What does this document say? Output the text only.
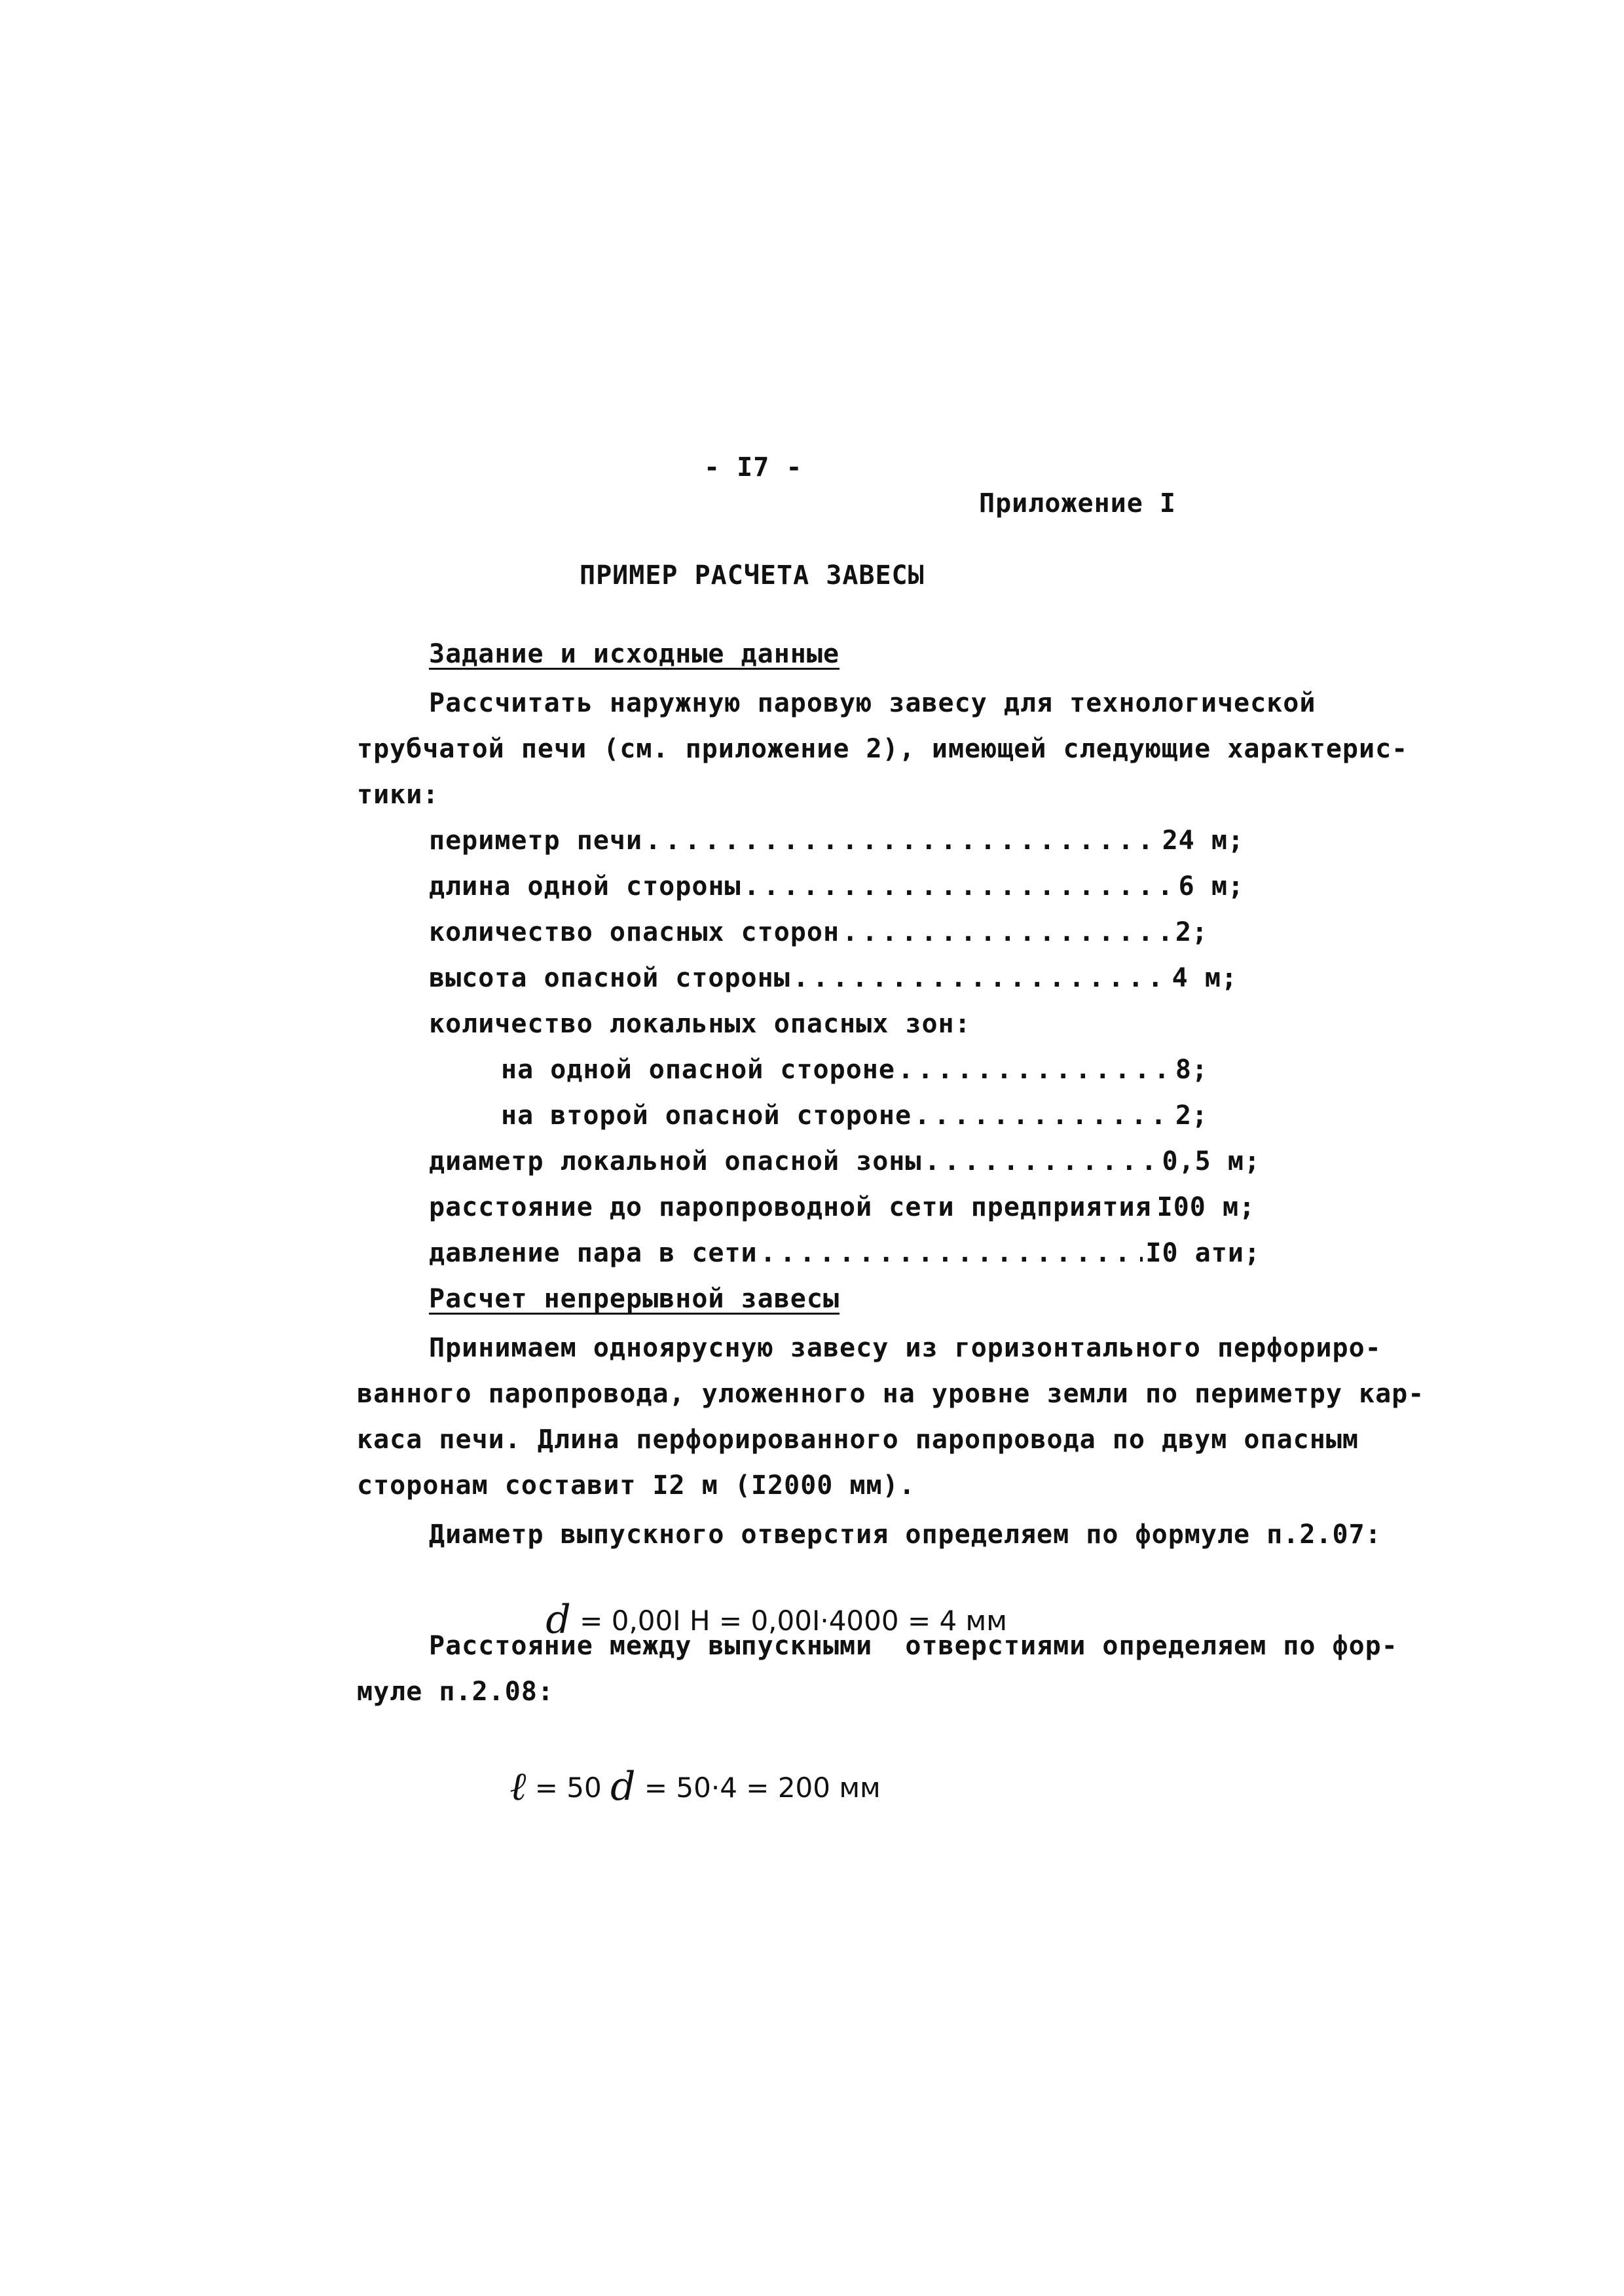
- I7 -
Приложение I
ПРИМЕР РАСЧЕТА ЗАВЕСЫ
Задание и исходные данные
Рассчитать наружную паровую завесу для технологической
трубчатой печи (см. приложение 2), имеющей следующие характерис-
тики:
периметр печи .....	24 м;
длина одной стороны .....	6 м;
количество опасных сторон .....	2;
высота опасной стороны .....	4 м;
количество локальных опасных зон:
на одной опасной стороне .....	8;
на второй опасной стороне .....	2;
диаметр локальной опасной зоны .....	0,5 м;
расстояние до паропроводной сети предприятия I00 м;
давление пара в сети .....	I0 ати;
Расчет непрерывной завесы
Принимаем одноярусную завесу из горизонтального перфориро-
ванного паропровода, уложенного на уровне земли по периметру кар-
каса печи. Длина перфорированного паропровода по двум опасным
сторонам составит I2 м (I2000 мм).
Диаметр выпускного отверстия определяем по формуле п.2.07:

d = 0,00I H = 0,00I·4000 = 4 мм

Расстояние между выпускными  отверстиями определяем по фор-
муле п.2.08:

ℓ = 50 d = 50·4 = 200 мм
